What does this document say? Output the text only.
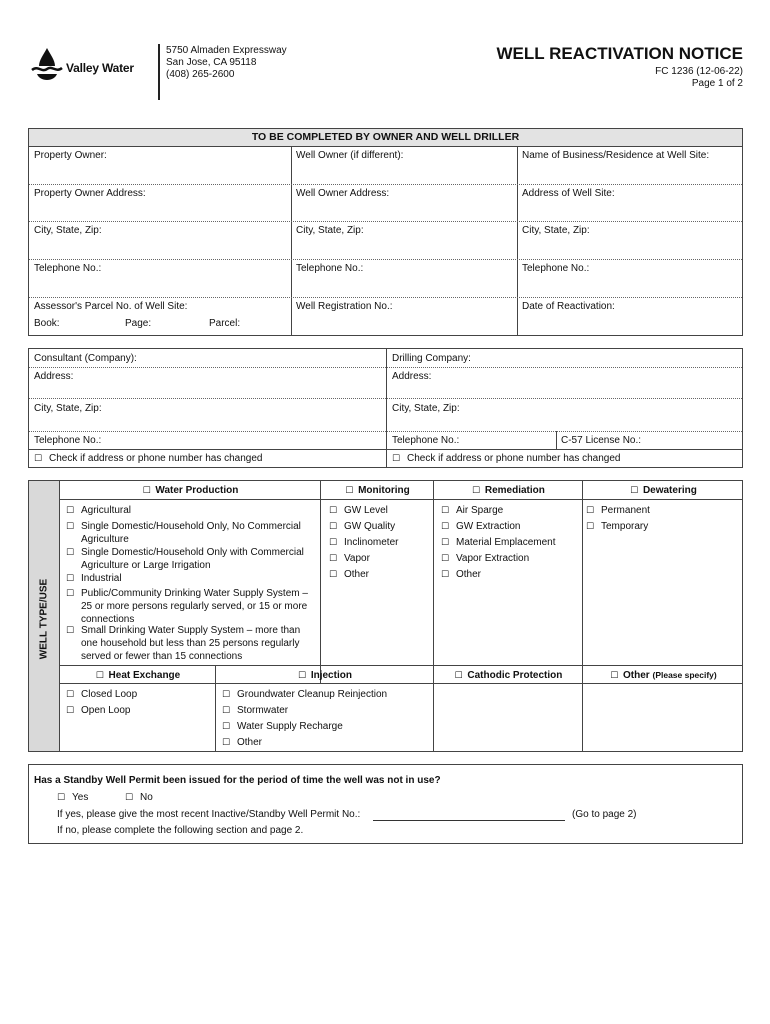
Valley Water
5750 Almaden Expressway
San Jose, CA 95118
(408) 265-2600
WELL REACTIVATION NOTICE
FC 1236 (12-06-22)
Page 1 of 2
TO BE COMPLETED BY OWNER AND WELL DRILLER
Property Owner:	Well Owner (if different):	Name of Business/Residence at Well Site:
Property Owner Address:	Well Owner Address:	Address of Well Site:
City, State, Zip:	City, State, Zip:	City, State, Zip:
Telephone No.:	Telephone No.:	Telephone No.:
Assessor's Parcel No. of Well Site:	Well Registration No.:	Date of Reactivation:
Book:	Page:	Parcel:
Consultant (Company):	Drilling Company:
Address:	Address:
City, State, Zip:	City, State, Zip:
Telephone No.:	Telephone No.:	C-57 License No.:
☐ Check if address or phone number has changed	☐ Check if address or phone number has changed
WELL TYPE/USE
☐ Water Production	☐ Monitoring	☐ Remediation	☐ Dewatering
☐ Agricultural
☐ Single Domestic/Household Only, No Commercial Agriculture
☐ Single Domestic/Household Only with Commercial Agriculture or Large Irrigation
☐ Industrial
☐ Public/Community Drinking Water Supply System – 25 or more persons regularly served, or 15 or more connections
☐ Small Drinking Water Supply System – more than one household but less than 25 persons regularly served or fewer than 15 connections
☐ GW Level
☐ GW Quality
☐ Inclinometer
☐ Vapor
☐ Other
☐ Air Sparge
☐ GW Extraction
☐ Material Emplacement
☐ Vapor Extraction
☐ Other
☐ Permanent
☐ Temporary
☐ Heat Exchange	☐ Injection	☐ Cathodic Protection	☐ Other (Please specify)
☐ Closed Loop
☐ Open Loop
☐ Groundwater Cleanup Reinjection
☐ Stormwater
☐ Water Supply Recharge
☐ Other
Has a Standby Well Permit been issued for the period of time the well was not in use?
☐ Yes	☐ No
If yes, please give the most recent Inactive/Standby Well Permit No.:	(Go to page 2)
If no, please complete the following section and page 2.
